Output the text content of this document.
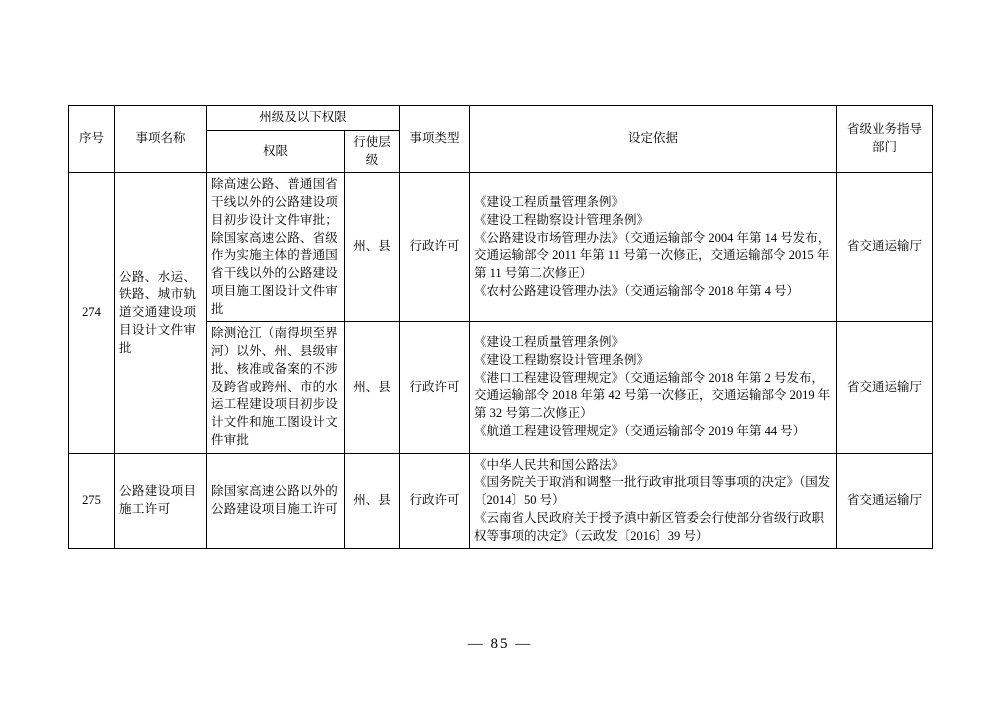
序号	事项名称	州级及以下权限		事项类型	设定依据	省级业务指导部门

		权限	行使层级			
274	公路、水运、铁路、城市轨道交通建设项目设计文件审批	除高速公路、普通国省干线以外的公路建设项目初步设计文件审批；除国家高速公路、省级作为实施主体的普通国省干线以外的公路建设项目施工图设计文件审批	州、县	行政许可	《建设工程质量管理条例》
《建设工程勘察设计管理条例》
《公路建设市场管理办法》（交通运输部令 2004 年第 14 号发布，交通运输部令 2011 年第 11 号第一次修正，交通运输部令 2015 年第 11 号第二次修正）
《农村公路建设管理办法》（交通运输部令 2018 年第 4 号）	省交通运输厅
		除测沧江（南得坝至界河）以外、州、县级审批、核准或备案的不涉及跨省或跨州、市的水运工程建设项目初步设计文件和施工图设计文件审批	州、县	行政许可	《建设工程质量管理条例》
《建设工程勘察设计管理条例》
《港口工程建设管理规定》（交通运输部令 2018 年第 2 号发布，交通运输部令 2018 年第 42 号第一次修正，交通运输部令 2019 年第 32 号第二次修正）
《航道工程建设管理规定》（交通运输部令 2019 年第 44 号）	省交通运输厅
275	公路建设项目施工许可	除国家高速公路以外的公路建设项目施工许可	州、县	行政许可	《中华人民共和国公路法》
《国务院关于取消和调整一批行政审批项目等事项的决定》（国发〔2014〕50 号）
《云南省人民政府关于授予滇中新区管委会行使部分省级行政职权等事项的决定》（云政发〔2016〕39 号）	省交通运输厅
— 85 —
